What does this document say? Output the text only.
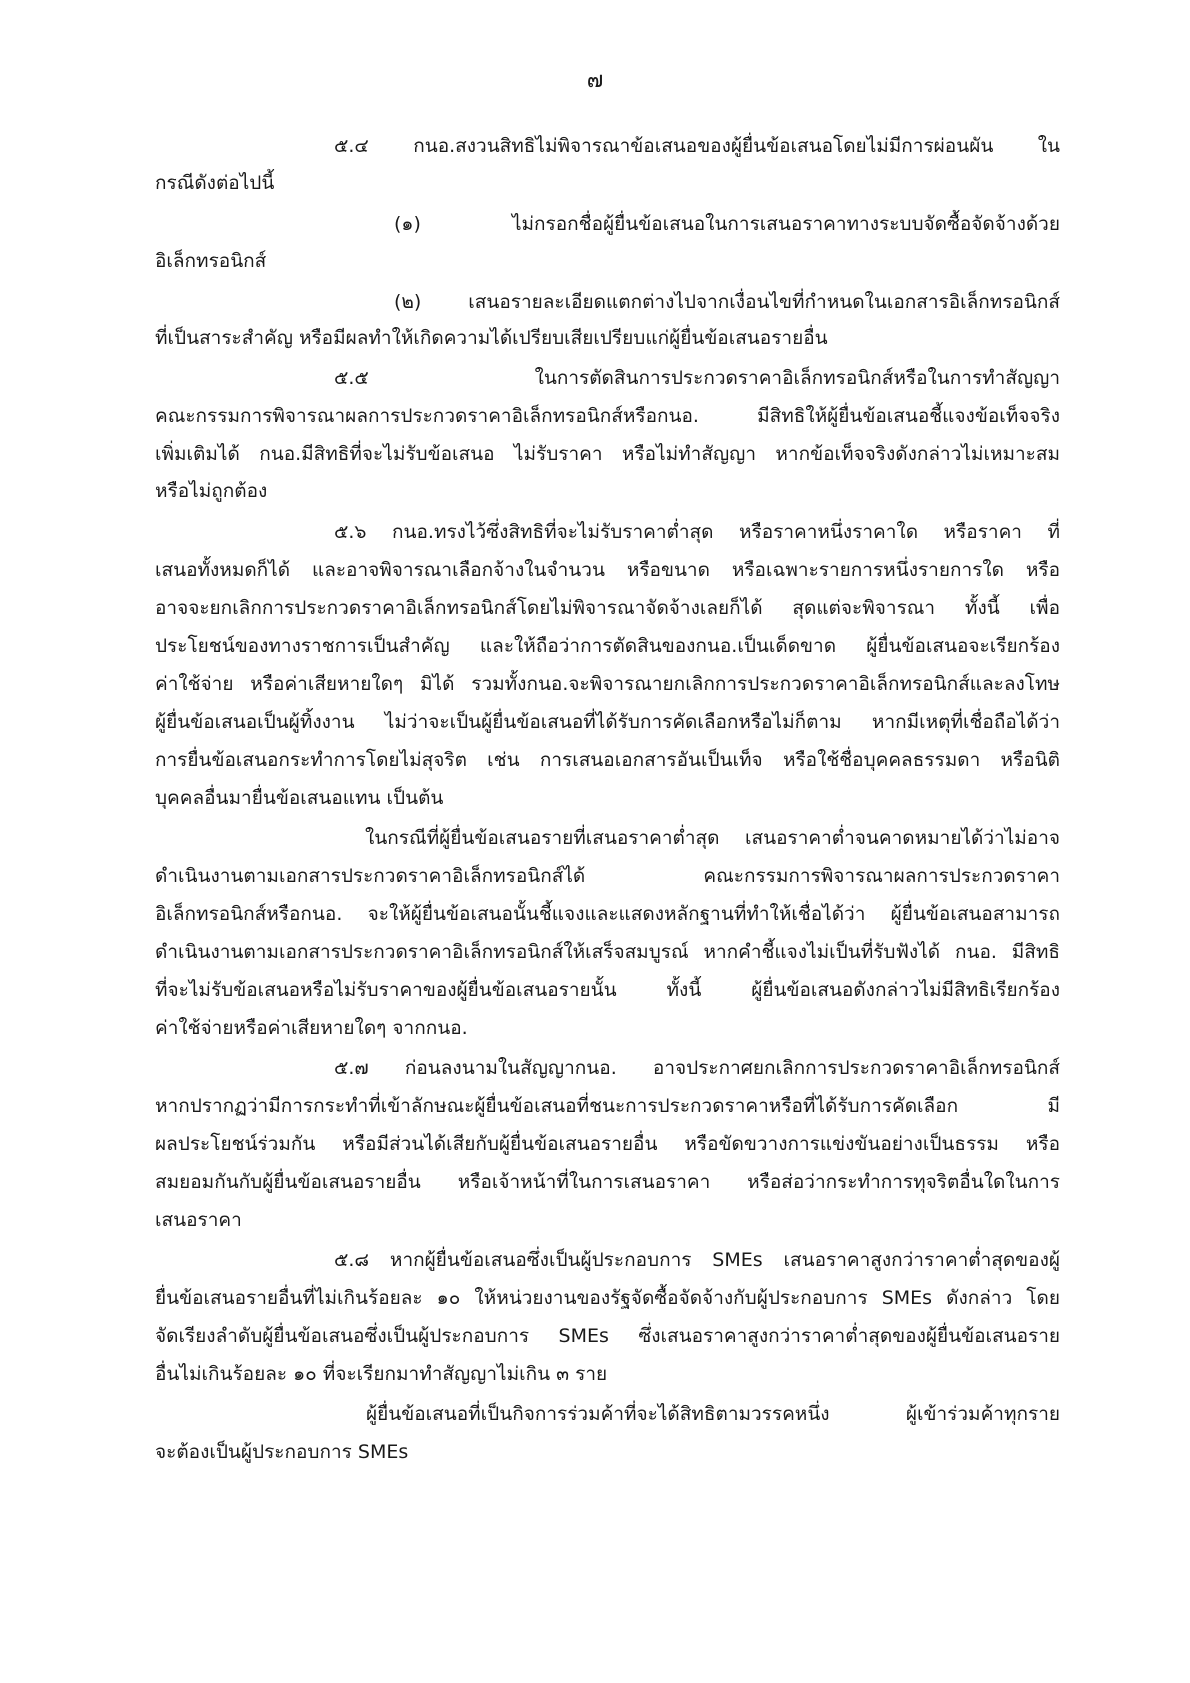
๗
๕.๔ กนอ.สงวนสิทธิไม่พิจารณาข้อเสนอของผู้ยื่นข้อเสนอโดยไม่มีการผ่อนผัน ใน
กรณีดังต่อไปนี้
(๑) ไม่กรอกชื่อผู้ยื่นข้อเสนอในการเสนอราคาทางระบบจัดซื้อจัดจ้างด้วย
อิเล็กทรอนิกส์
(๒) เสนอรายละเอียดแตกต่างไปจากเงื่อนไขที่กำหนดในเอกสารอิเล็กทรอนิกส์
ที่เป็นสาระสำคัญ หรือมีผลทำให้เกิดความได้เปรียบเสียเปรียบแก่ผู้ยื่นข้อเสนอรายอื่น
๕.๕ ในการตัดสินการประกวดราคาอิเล็กทรอนิกส์หรือในการทำสัญญา
คณะกรรมการพิจารณาผลการประกวดราคาอิเล็กทรอนิกส์หรือกนอ. มีสิทธิให้ผู้ยื่นข้อเสนอชี้แจงข้อเท็จจริง
เพิ่มเติมได้ กนอ.มีสิทธิที่จะไม่รับข้อเสนอ ไม่รับราคา หรือไม่ทำสัญญา หากข้อเท็จจริงดังกล่าวไม่เหมาะสม
หรือไม่ถูกต้อง
๕.๖ กนอ.ทรงไว้ซึ่งสิทธิที่จะไม่รับราคาต่ำสุด หรือราคาหนึ่งราคาใด หรือราคา ที่
เสนอทั้งหมดก็ได้ และอาจพิจารณาเลือกจ้างในจำนวน หรือขนาด หรือเฉพาะรายการหนึ่งรายการใด หรือ
อาจจะยกเลิกการประกวดราคาอิเล็กทรอนิกส์โดยไม่พิจารณาจัดจ้างเลยก็ได้ สุดแต่จะพิจารณา ทั้งนี้ เพื่อ
ประโยชน์ของทางราชการเป็นสำคัญ และให้ถือว่าการตัดสินของกนอ.เป็นเด็ดขาด ผู้ยื่นข้อเสนอจะเรียกร้อง
ค่าใช้จ่าย หรือค่าเสียหายใดๆ มิได้ รวมทั้งกนอ.จะพิจารณายกเลิกการประกวดราคาอิเล็กทรอนิกส์และลงโทษ
ผู้ยื่นข้อเสนอเป็นผู้ทิ้งงาน ไม่ว่าจะเป็นผู้ยื่นข้อเสนอที่ได้รับการคัดเลือกหรือไม่ก็ตาม หากมีเหตุที่เชื่อถือได้ว่า
การยื่นข้อเสนอกระทำการโดยไม่สุจริต เช่น การเสนอเอกสารอันเป็นเท็จ หรือใช้ชื่อบุคคลธรรมดา หรือนิติ
บุคคลอื่นมายื่นข้อเสนอแทน เป็นต้น
ในกรณีที่ผู้ยื่นข้อเสนอรายที่เสนอราคาต่ำสุด เสนอราคาต่ำจนคาดหมายได้ว่าไม่อาจ
ดำเนินงานตามเอกสารประกวดราคาอิเล็กทรอนิกส์ได้ คณะกรรมการพิจารณาผลการประกวดราคา
อิเล็กทรอนิกส์หรือกนอ. จะให้ผู้ยื่นข้อเสนอนั้นชี้แจงและแสดงหลักฐานที่ทำให้เชื่อได้ว่า ผู้ยื่นข้อเสนอสามารถ
ดำเนินงานตามเอกสารประกวดราคาอิเล็กทรอนิกส์ให้เสร็จสมบูรณ์ หากคำชี้แจงไม่เป็นที่รับฟังได้ กนอ. มีสิทธิ
ที่จะไม่รับข้อเสนอหรือไม่รับราคาของผู้ยื่นข้อเสนอรายนั้น ทั้งนี้ ผู้ยื่นข้อเสนอดังกล่าวไม่มีสิทธิเรียกร้อง
ค่าใช้จ่ายหรือค่าเสียหายใดๆ จากกนอ.
๕.๗ ก่อนลงนามในสัญญากนอ. อาจประกาศยกเลิกการประกวดราคาอิเล็กทรอนิกส์
หากปรากฏว่ามีการกระทำที่เข้าลักษณะผู้ยื่นข้อเสนอที่ชนะการประกวดราคาหรือที่ได้รับการคัดเลือก มี
ผลประโยชน์ร่วมกัน หรือมีส่วนได้เสียกับผู้ยื่นข้อเสนอรายอื่น หรือขัดขวางการแข่งขันอย่างเป็นธรรม หรือ
สมยอมกันกับผู้ยื่นข้อเสนอรายอื่น หรือเจ้าหน้าที่ในการเสนอราคา หรือส่อว่ากระทำการทุจริตอื่นใดในการ
เสนอราคา
๕.๘ หากผู้ยื่นข้อเสนอซึ่งเป็นผู้ประกอบการ SMEs เสนอราคาสูงกว่าราคาต่ำสุดของผู้
ยื่นข้อเสนอรายอื่นที่ไม่เกินร้อยละ ๑๐ ให้หน่วยงานของรัฐจัดซื้อจัดจ้างกับผู้ประกอบการ SMEs ดังกล่าว โดย
จัดเรียงลำดับผู้ยื่นข้อเสนอซึ่งเป็นผู้ประกอบการ SMEs ซึ่งเสนอราคาสูงกว่าราคาต่ำสุดของผู้ยื่นข้อเสนอราย
อื่นไม่เกินร้อยละ ๑๐ ที่จะเรียกมาทำสัญญาไม่เกิน ๓ ราย
ผู้ยื่นข้อเสนอที่เป็นกิจการร่วมค้าที่จะได้สิทธิตามวรรคหนึ่ง ผู้เข้าร่วมค้าทุกราย
จะต้องเป็นผู้ประกอบการ SMEs
